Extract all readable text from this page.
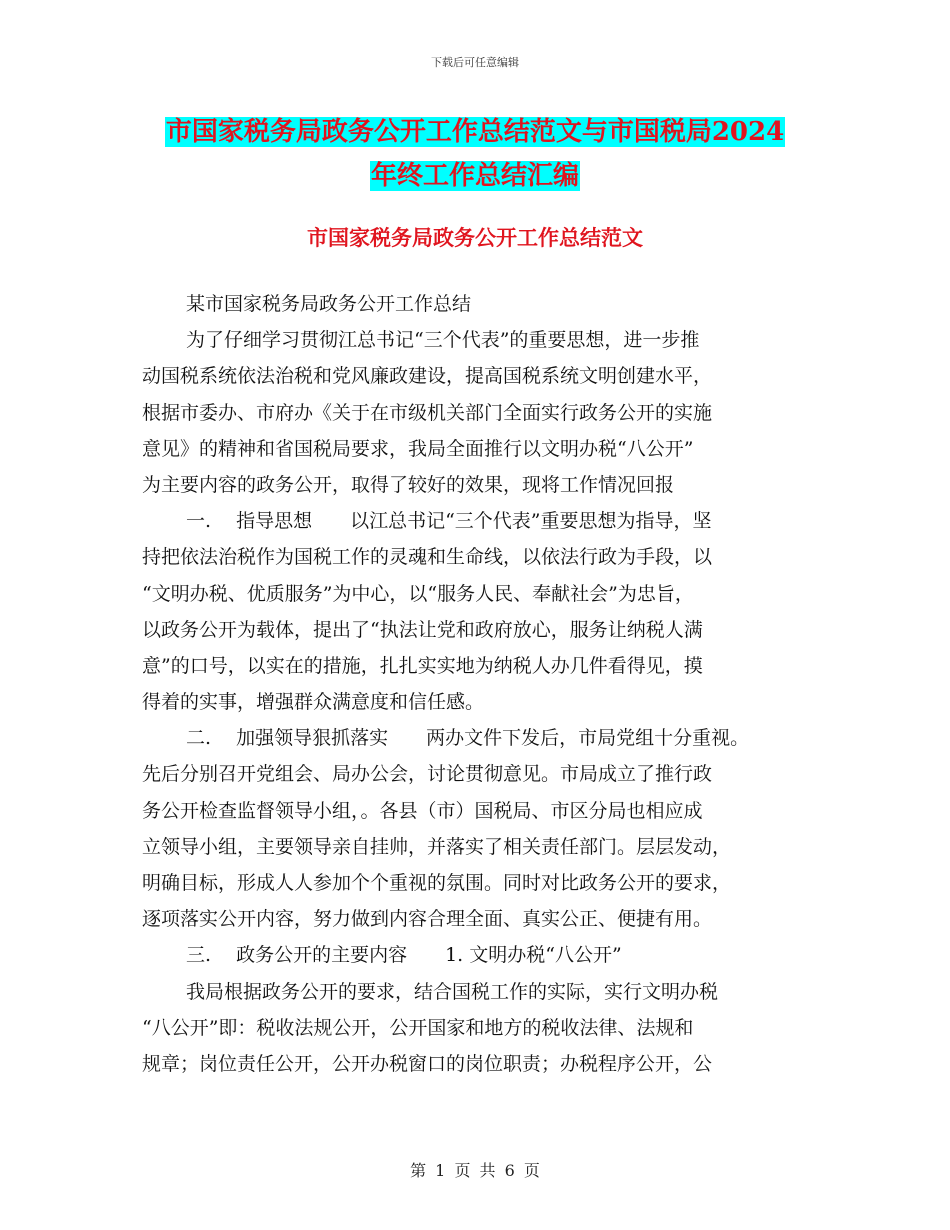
下载后可任意编辑
市国家税务局政务公开工作总结范文与市国税局2024
年终工作总结汇编
市国家税务局政务公开工作总结范文
某市国家税务局政务公开工作总结
为了仔细学习贯彻江总书记“三个代表”的重要思想，进一步推
动国税系统依法治税和党风廉政建设，提高国税系统文明创建水平，
根据市委办、市府办《关于在市级机关部门全面实行政务公开的实施
意见》的精神和省国税局要求，我局全面推行以文明办税“八公开”
为主要内容的政务公开，取得了较好的效果，现将工作情况回报
一.　 指导思想　　以江总书记“三个代表”重要思想为指导，坚
持把依法治税作为国税工作的灵魂和生命线，以依法行政为手段，以
“文明办税、优质服务”为中心，以“服务人民、奉献社会”为忠旨，
以政务公开为载体，提出了“执法让党和政府放心，服务让纳税人满
意”的口号，以实在的措施，扎扎实实地为纳税人办几件看得见，摸
得着的实事，增强群众满意度和信任感。
二.　 加强领导狠抓落实　　两办文件下发后，市局党组十分重视。
先后分别召开党组会、局办公会，讨论贯彻意见。市局成立了推行政
务公开检查监督领导小组，。各县（市）国税局、市区分局也相应成
立领导小组，主要领导亲自挂帅，并落实了相关责任部门。层层发动，
明确目标，形成人人参加个个重视的氛围。同时对比政务公开的要求，
逐项落实公开内容，努力做到内容合理全面、真实公正、便捷有用。
三.　 政务公开的主要内容　　1. 文明办税“八公开”
我局根据政务公开的要求，结合国税工作的实际，实行文明办税
“八公开”即：税收法规公开，公开国家和地方的税收法律、法规和
规章；岗位责任公开，公开办税窗口的岗位职责；办税程序公开，公
第 1 页 共 6 页
